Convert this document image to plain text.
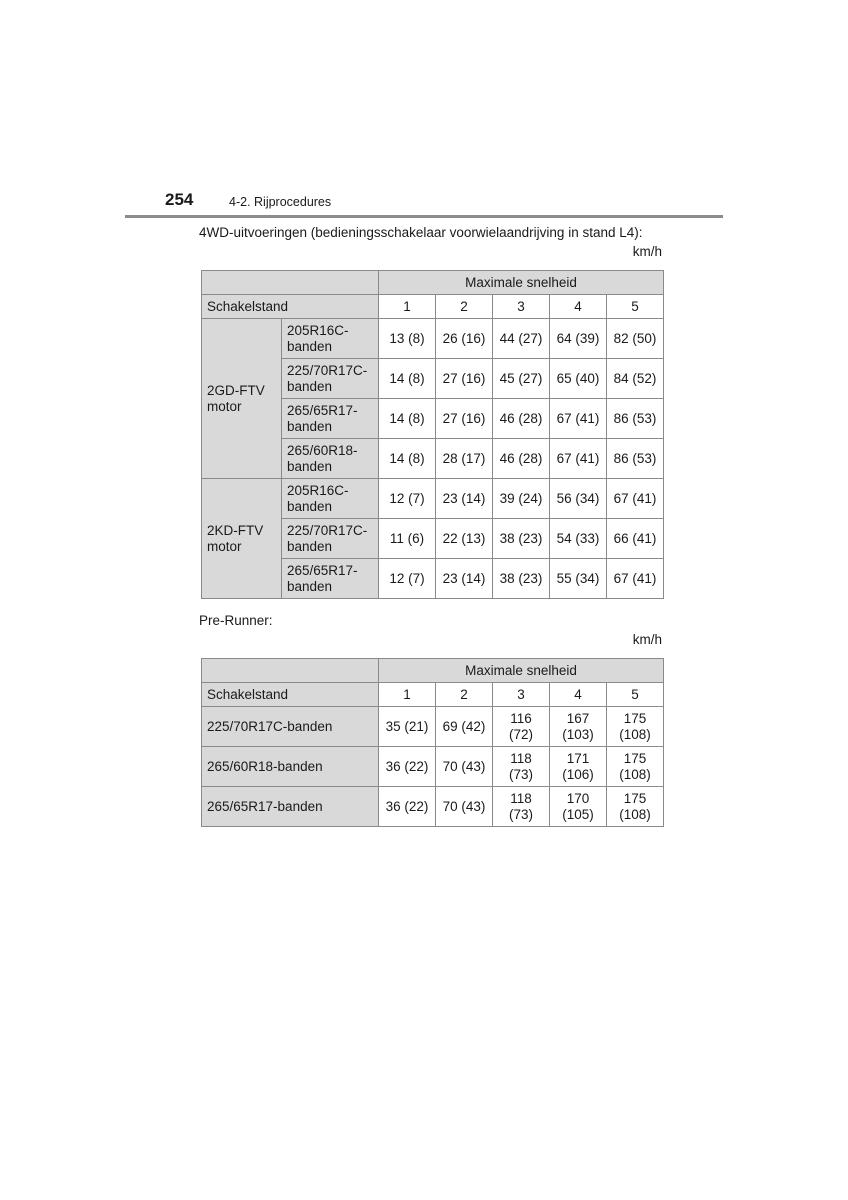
254	4-2. Rijprocedures
4WD-uitvoeringen (bedieningsschakelaar voorwielaandrijving in stand L4):
km/h
		Maximale snelheid				
Schakelstand		1	2	3	4	5
2GD-FTV motor	205R16C-banden	13 (8)	26 (16)	44 (27)	64 (39)	82 (50)
	225/70R17C-banden	14 (8)	27 (16)	45 (27)	65 (40)	84 (52)
	265/65R17-banden	14 (8)	27 (16)	46 (28)	67 (41)	86 (53)
	265/60R18-banden	14 (8)	28 (17)	46 (28)	67 (41)	86 (53)
2KD-FTV motor	205R16C-banden	12 (7)	23 (14)	39 (24)	56 (34)	67 (41)
	225/70R17C-banden	11 (6)	22 (13)	38 (23)	54 (33)	66 (41)
	265/65R17-banden	12 (7)	23 (14)	38 (23)	55 (34)	67 (41)
Pre-Runner:
km/h
	Maximale snelheid				
Schakelstand	1	2	3	4	5
225/70R17C-banden	35 (21)	69 (42)	116 (72)	167 (103)	175 (108)
265/60R18-banden	36 (22)	70 (43)	118 (73)	171 (106)	175 (108)
265/65R17-banden	36 (22)	70 (43)	118 (73)	170 (105)	175 (108)
